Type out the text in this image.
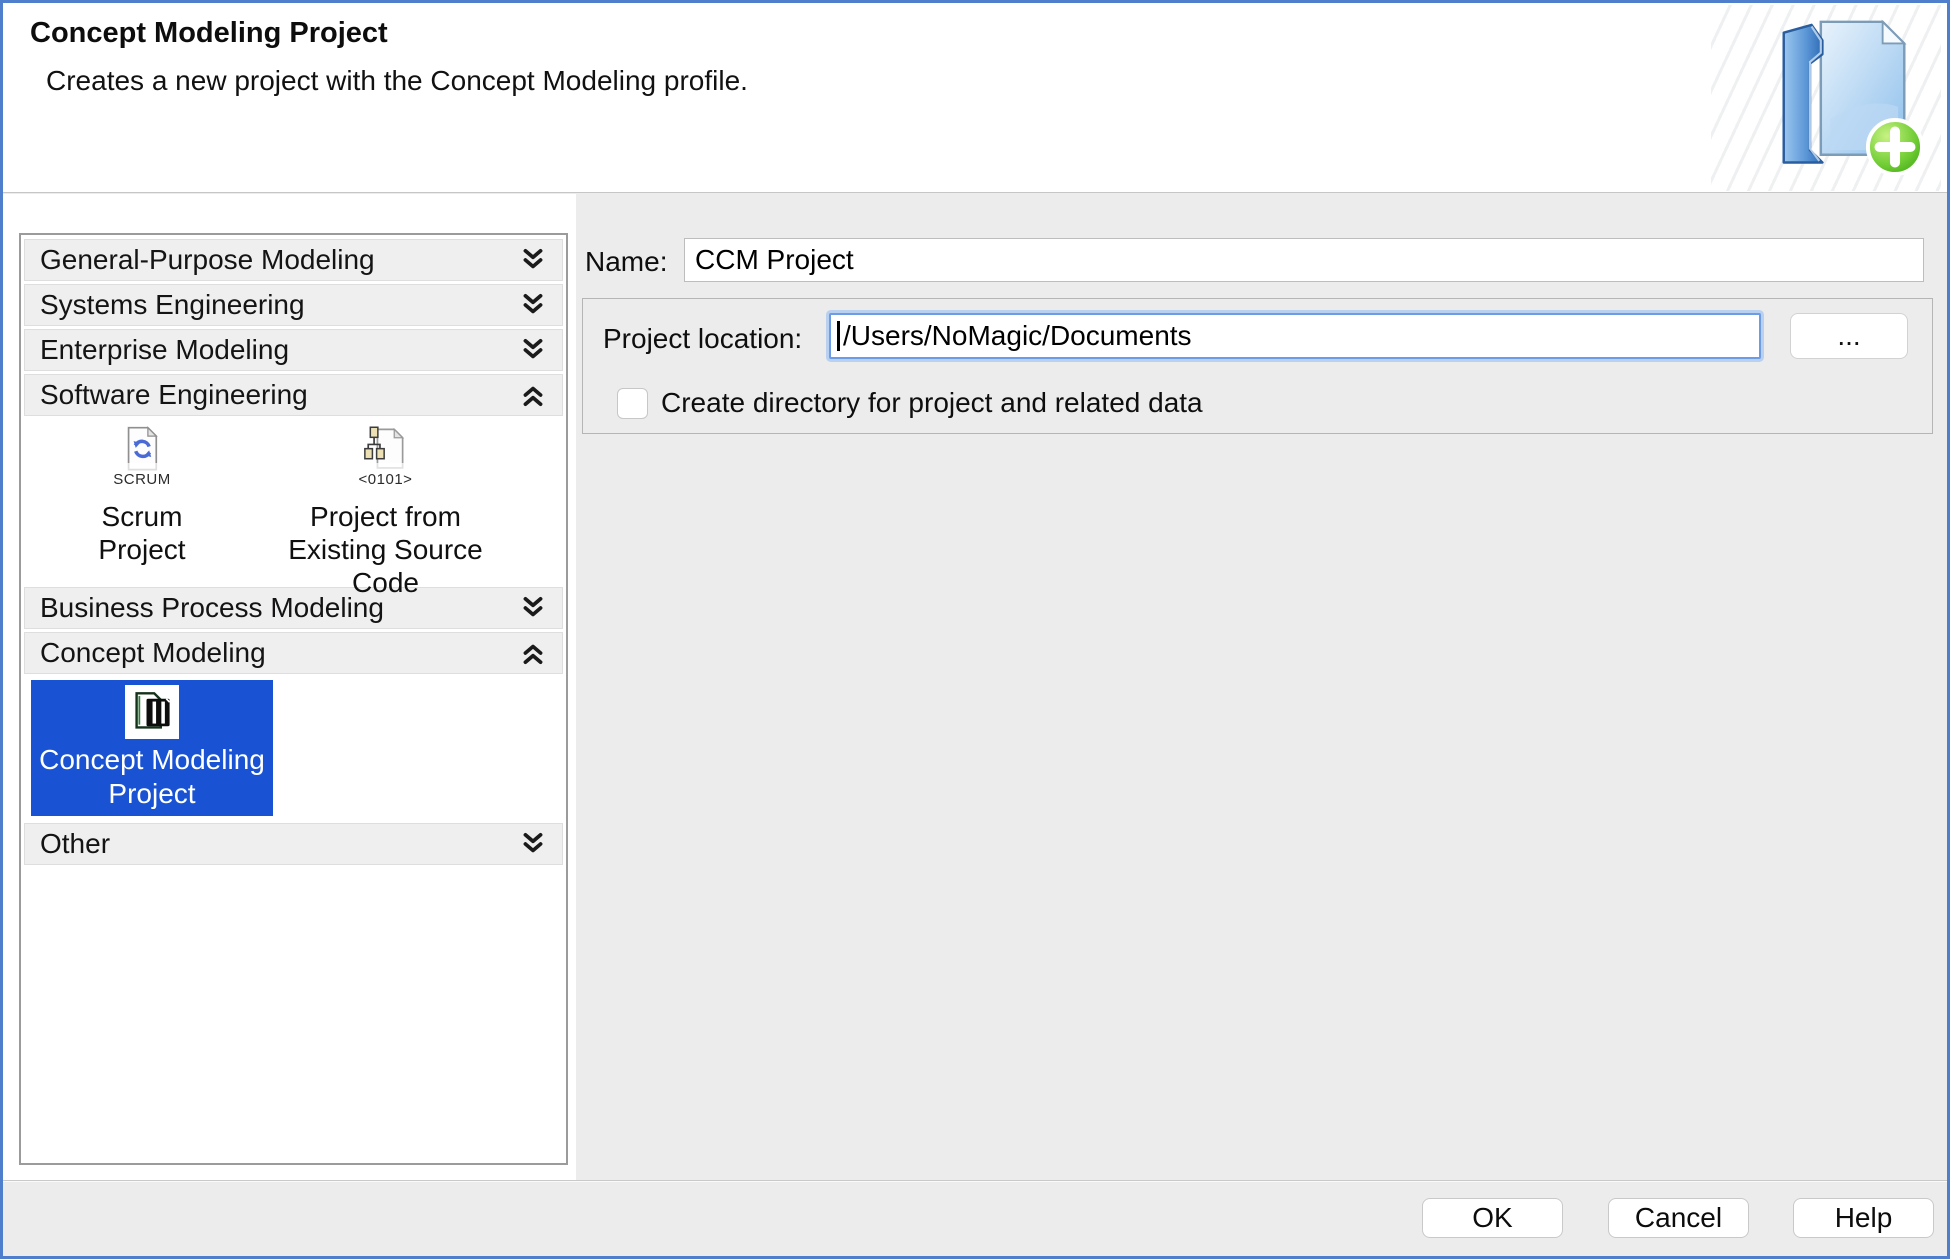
Concept Modeling Project
Creates a new project with the Concept Modeling profile.
General-Purpose Modeling
Systems Engineering
Enterprise Modeling
Software Engineering
SCRUM
Scrum Project
<0101>
Project from Existing Source Code
Business Process Modeling
Concept Modeling
Concept Modeling Project
Other
Name:
CCM Project
Project location:
/Users/NoMagic/Documents	...
Create directory for project and related data
OK	Cancel	Help
